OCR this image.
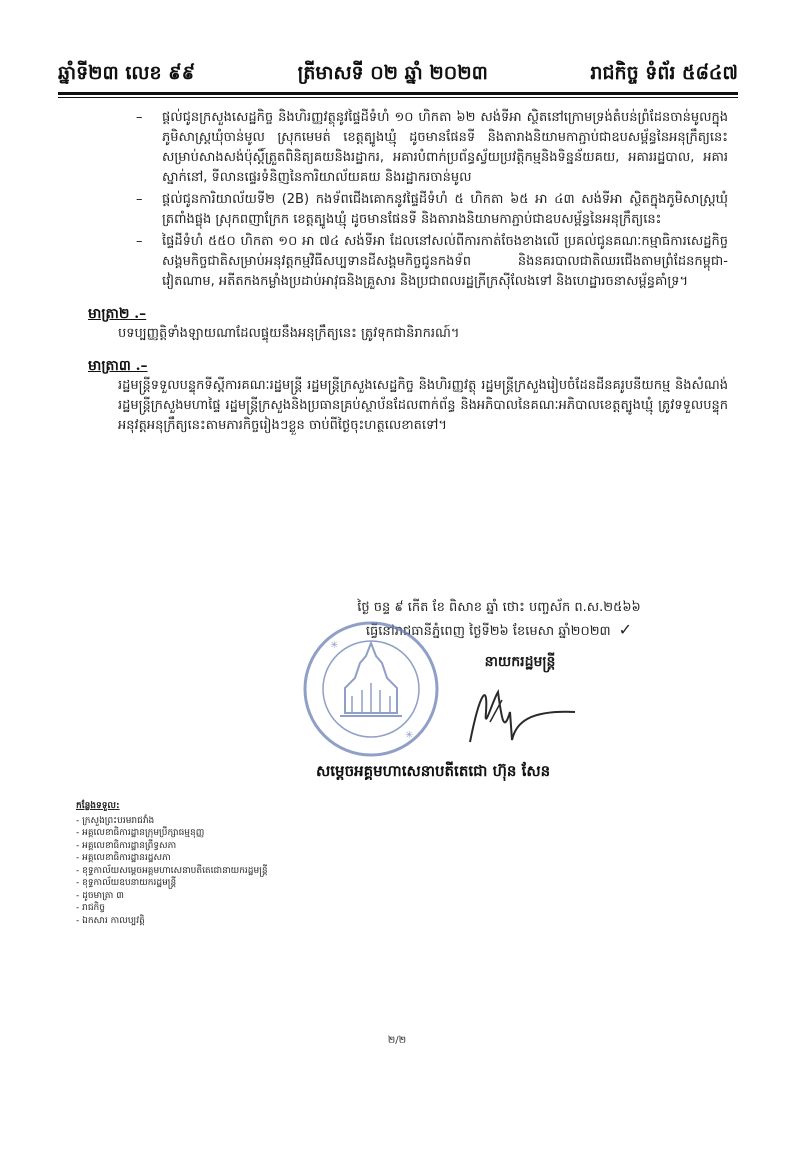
ឆ្នាំទី២៣ លេខ ៩៩	ត្រីមាសទី ០២ ឆ្នាំ ២០២៣	រាជកិច្ច ទំព័រ ៥៨៤៧
– ផ្តល់ជូនក្រសួងសេដ្ឋកិច្ច និងហិរញ្ញវត្ថុនូវផ្ទៃដីទំហំ ១០ ហិកតា ៦២ សង់ទីអា ស្ថិតនៅក្រោមទ្រង់តំបន់ព្រំដែនចាន់មូលក្នុងភូមិសាស្ត្រឃុំចាន់មូល ស្រុកមេមត់ ខេត្តត្បូងឃ្មុំ ដូចមានផែនទី និងតារាងនិយាមកាភ្ជាប់ជាឧបសម្ព័ន្ធនៃអនុក្រឹត្យនេះ សម្រាប់សាងសង់ប៉ុស្តិ៍ត្រួតពិនិត្យគយនិងរដ្ឋាករ, អគារបំពាក់ប្រព័ន្ធស្វ័យប្រវត្តិកម្មនិងទិន្នន័យគយ, អគាររដ្ឋបាល, អគារស្នាក់នៅ, ទីលានផ្ទេរទំនិញនៃការិយាល័យគយ និងរដ្ឋាករចាន់មូល
– ផ្តល់ជូនការិយាល័យទី២ (2B) កងទ័ពជើងគោកនូវផ្ទៃដីទំហំ ៥ ហិកតា ៦៥ អា ៤៣ សង់ទីអា ស្ថិតក្នុងភូមិសាស្ត្រឃុំត្រពាំងផ្លុង ស្រុកពញាក្រែក ខេត្តត្បូងឃ្មុំ ដូចមានផែនទី និងតារាងនិយាមកាភ្ជាប់ជាឧបសម្ព័ន្ធនៃអនុក្រឹត្យនេះ
– ផ្ទៃដីទំហំ ៥៥០ ហិកតា ១០ អា ៧៤ សង់ទីអា ដែលនៅសល់ពីការកាត់ចែងខាងលើ ប្រគល់ជូនគណៈកម្មាធិការសេដ្ឋកិច្ចសង្គមកិច្ចជាតិសម្រាប់អនុវត្តកម្មវិធីសប្បទានដីសង្គមកិច្ចជូនកងទ័ព និងនគរបាលជាតិឈរជើងតាមព្រំដែនកម្ពុជា-វៀតណាម, អតីតកងកម្លាំងប្រដាប់អាវុធនិងគ្រួសារ និងប្រជាពលរដ្ឋក្រីក្រស៊ីលែងទៅ និងហេដ្ឋារចនាសម្ព័ន្ធគាំទ្រ។
មាត្រា២ .–
បទប្បញ្ញត្តិទាំងឡាយណាដែលផ្ទុយនឹងអនុក្រឹត្យនេះ ត្រូវទុកជានិរាករណ៍។
មាត្រា៣ .–
រដ្ឋមន្ត្រីទទួលបន្ទុកទីស្តីការគណៈរដ្ឋមន្ត្រី រដ្ឋមន្ត្រីក្រសួងសេដ្ឋកិច្ច និងហិរញ្ញវត្ថុ រដ្ឋមន្ត្រីក្រសួងរៀបចំដែនដីនគរូបនីយកម្ម និងសំណង់ រដ្ឋមន្ត្រីក្រសួងមហាផ្ទៃ រដ្ឋមន្ត្រីក្រសួងនិងប្រធានគ្រប់ស្ថាប័នដែលពាក់ព័ន្ធ និងអភិបាលនៃគណៈអភិបាលខេត្តត្បូងឃ្មុំ ត្រូវទទួលបន្ទុកអនុវត្តអនុក្រឹត្យនេះតាមភារកិច្ចរៀងៗខ្លួន ចាប់ពីថ្ងៃចុះហត្ថលេខាតទៅ។
ថ្ងៃ ចន្ទ ៩ កើត ខែ ពិសាខ ឆ្នាំ ថោះ បញ្ចស័ក ព.ស.២៥៦៦
ធ្វើនៅរាជធានីភ្នំពេញ ថ្ងៃទី២៦ ខែមេសា ឆ្នាំ២០២៣ ✓
✳
✳
នាយករដ្ឋមន្ត្រី
សម្តេចអគ្គមហាសេនាបតីតេជោ ហ៊ុន សែន
កន្លែងទទួល:
- ក្រសួងព្រះបរមរាជវាំង
- អគ្គលេខាធិការដ្ឋានក្រុមប្រឹក្សាធម្មនុញ្ញ
- អគ្គលេខាធិការដ្ឋានព្រឹទ្ធសភា
- អគ្គលេខាធិការដ្ឋានរដ្ឋសភា
- ខុទ្ទកាល័យសម្តេចអគ្គមហាសេនាបតីតេជោនាយករដ្ឋមន្ត្រី
- ខុទ្ទកាល័យឧបនាយករដ្ឋមន្ត្រី
- ដូចមាត្រា ៣
- រាជកិច្ច
- ឯកសារ កាលប្បវត្តិ
២/២
